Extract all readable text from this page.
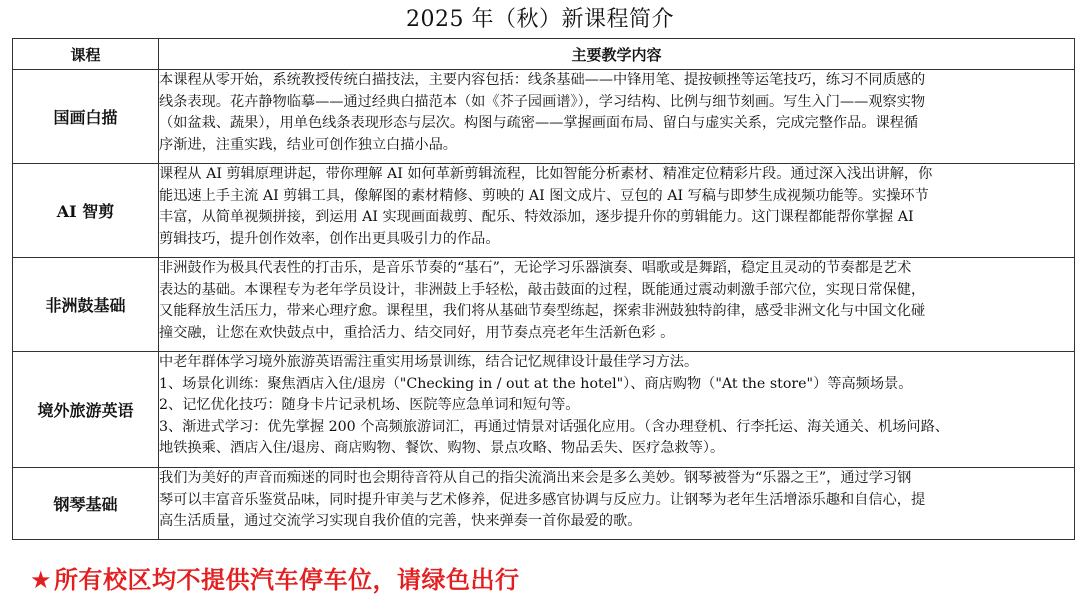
2025 年（秋）新课程简介
课程	主要教学内容
国画白描	本课程从零开始，系统教授传统白描技法，主要内容包括：线条基础——中锋用笔、提按顿挫等运笔技巧，练习不同质感的
线条表现。花卉静物临摹——通过经典白描范本（如《芥子园画谱》），学习结构、比例与细节刻画。写生入门——观察实物
（如盆栽、蔬果），用单色线条表现形态与层次。构图与疏密——掌握画面布局、留白与虚实关系，完成完整作品。课程循
序渐进，注重实践，结业可创作独立白描小品。

AI 智剪	课程从 AI 剪辑原理讲起，带你理解 AI 如何革新剪辑流程，比如智能分析素材、精准定位精彩片段。通过深入浅出讲解，你
能迅速上手主流 AI 剪辑工具，像解图的素材精修、剪映的 AI 图文成片、豆包的 AI 写稿与即梦生成视频功能等。实操环节
丰富，从简单视频拼接，到运用 AI 实现画面裁剪、配乐、特效添加，逐步提升你的剪辑能力。这门课程都能帮你掌握 AI
剪辑技巧，提升创作效率，创作出更具吸引力的作品。

非洲鼓基础	非洲鼓作为极具代表性的打击乐，是音乐节奏的“基石”，无论学习乐器演奏、唱歌或是舞蹈，稳定且灵动的节奏都是艺术
表达的基础。本课程专为老年学员设计，非洲鼓上手轻松，敲击鼓面的过程，既能通过震动刺激手部穴位，实现日常保健，
又能释放生活压力，带来心理疗愈。课程里，我们将从基础节奏型练起，探索非洲鼓独特韵律，感受非洲文化与中国文化碰
撞交融，让您在欢快鼓点中，重拾活力、结交同好，用节奏点亮老年生活新色彩 。

境外旅游英语	中老年群体学习境外旅游英语需注重实用场景训练，结合记忆规律设计最佳学习方法。
1、场景化训练：聚焦酒店入住/退房（"Checking in / out at the hotel"）、商店购物（"At the store"）等高频场景。
2、记忆优化技巧：随身卡片记录机场、医院等应急单词和短句等。
3、渐进式学习：优先掌握 200 个高频旅游词汇，再通过情景对话强化应用。（含办理登机、行李托运、海关通关、机场问路、
地铁换乘、酒店入住/退房、商店购物、餐饮、购物、景点攻略、物品丢失、医疗急救等）。

钢琴基础	我们为美好的声音而痴迷的同时也会期待音符从自己的指尖流淌出来会是多么美妙。钢琴被誉为“乐器之王”，通过学习钢
琴可以丰富音乐鉴赏品味，同时提升审美与艺术修养，促进多感官协调与反应力。让钢琴为老年生活增添乐趣和自信心，提
高生活质量，通过交流学习实现自我价值的完善，快来弹奏一首你最爱的歌。
★所有校区均不提供汽车停车位，请绿色出行
